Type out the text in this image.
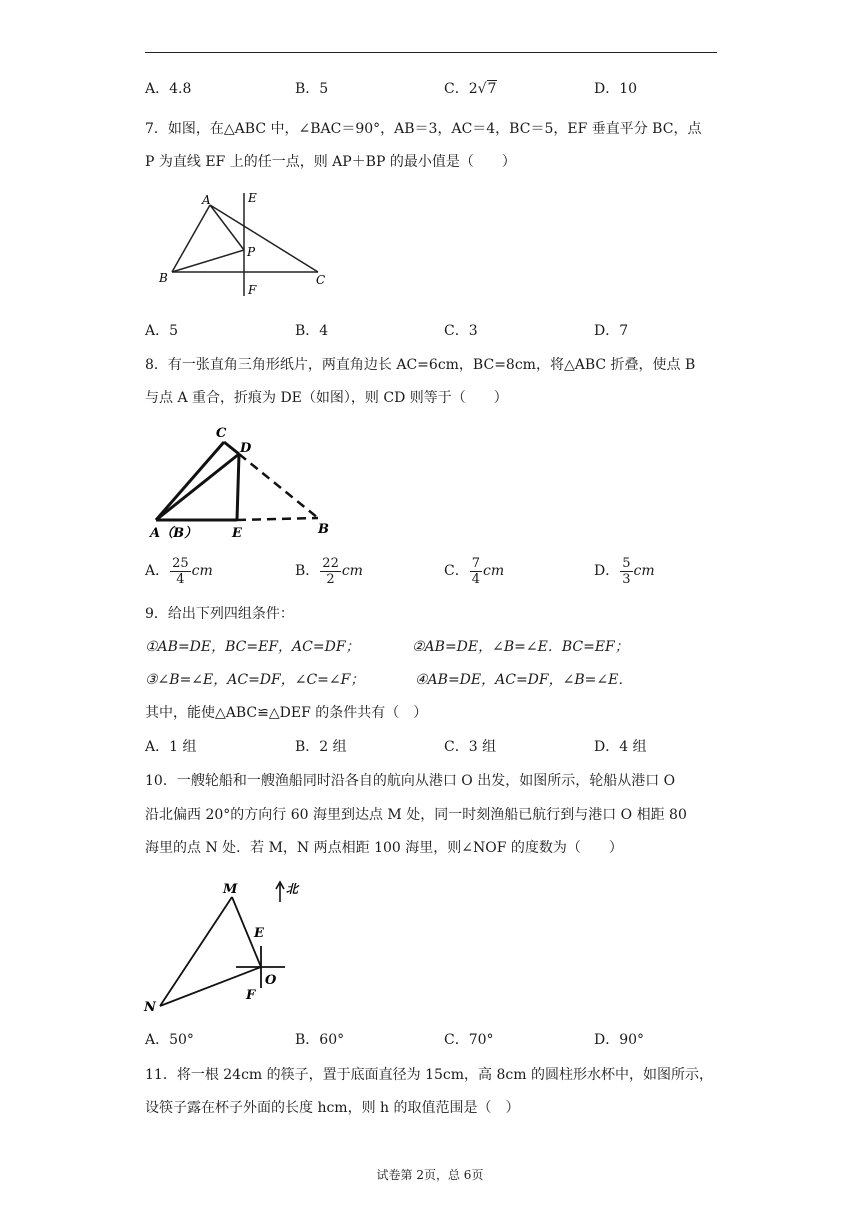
A．4.8	B．5	C．2√7	D．10
7．如图，在△ABC 中，∠BAC＝90°，AB＝3，AC＝4，BC＝5，EF 垂直平分 BC，点
P 为直线 EF 上的任一点，则 AP＋BP 的最小值是（　　）
A
B	C
E
F
P
A．5	B．4	C．3	D．7
8．有一张直角三角形纸片，两直角边长 AC=6cm，BC=8cm，将△ABC 折叠，使点 B
与点 A 重合，折痕为 DE（如图），则 CD 则等于（　　）
C
D
A（B）	E	B
A． $\frac{25}{4}$ cm	B． $\frac{22}{2}$ cm	C． $\frac{7}{4}$ cm	D． $\frac{5}{3}$ cm
9．给出下列四组条件：
①AB=DE，BC=EF，AC=DF；	②AB=DE，∠B=∠E．BC=EF；
③∠B=∠E，AC=DF，∠C=∠F；	④AB=DE，AC=DF，∠B=∠E．
其中，能使△ABC≌△DEF 的条件共有（　）
A．1 组	B．2 组	C．3 组	D．4 组
10．一艘轮船和一艘渔船同时沿各自的航向从港口 O 出发，如图所示，轮船从港口 O
沿北偏西 20°的方向行 60 海里到达点 M 处，同一时刻渔船已航行到与港口 O 相距 80
海里的点 N 处．若 M，N 两点相距 100 海里，则∠NOF 的度数为（　　）
北
M
N
E
O
F
A．50°	B．60°	C．70°	D．90°
11．将一根 24cm 的筷子，置于底面直径为 15cm，高 8cm 的圆柱形水杯中，如图所示，
设筷子露在杯子外面的长度 hcm，则 h 的取值范围是（　）
试卷第 2页，总 6页
